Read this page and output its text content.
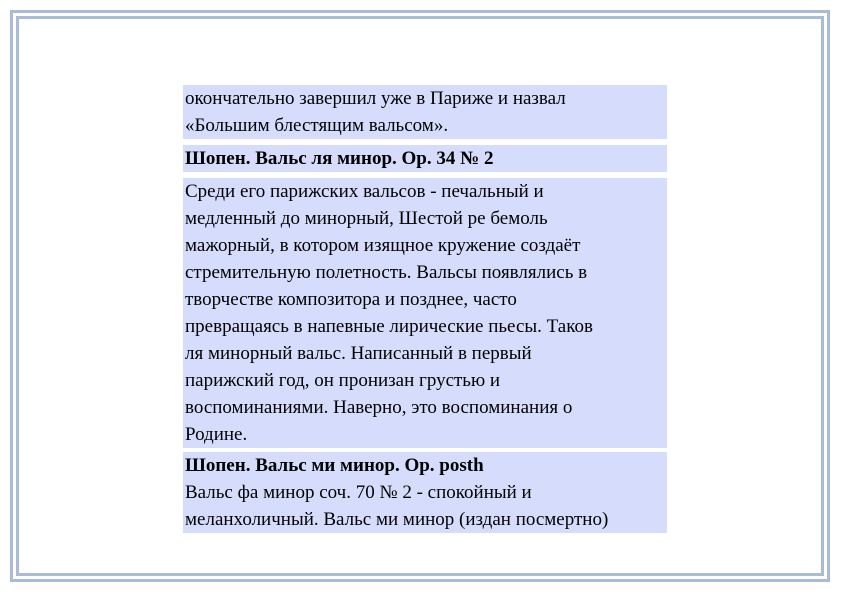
окончательно завершил уже в Париже и назвал
«Большим блестящим вальсом».
Шопен. Вальс ля минор. Op. 34 № 2
Среди его парижских вальсов - печальный и
медленный до минорный, Шестой ре бемоль
мажорный, в котором изящное кружение создаёт
стремительную полетность. Вальсы появлялись в
творчестве композитора и позднее, часто
превращаясь в напевные лирические пьесы. Таков
ля минорный вальс. Написанный в первый
парижский год, он пронизан грустью и
воспоминаниями. Наверно, это воспоминания о
Родине.
Шопен. Вальс ми минор. Op. posth
Вальс фа минор соч. 70 № 2 - спокойный и
меланхоличный. Вальс ми минор (издан посмертно)
